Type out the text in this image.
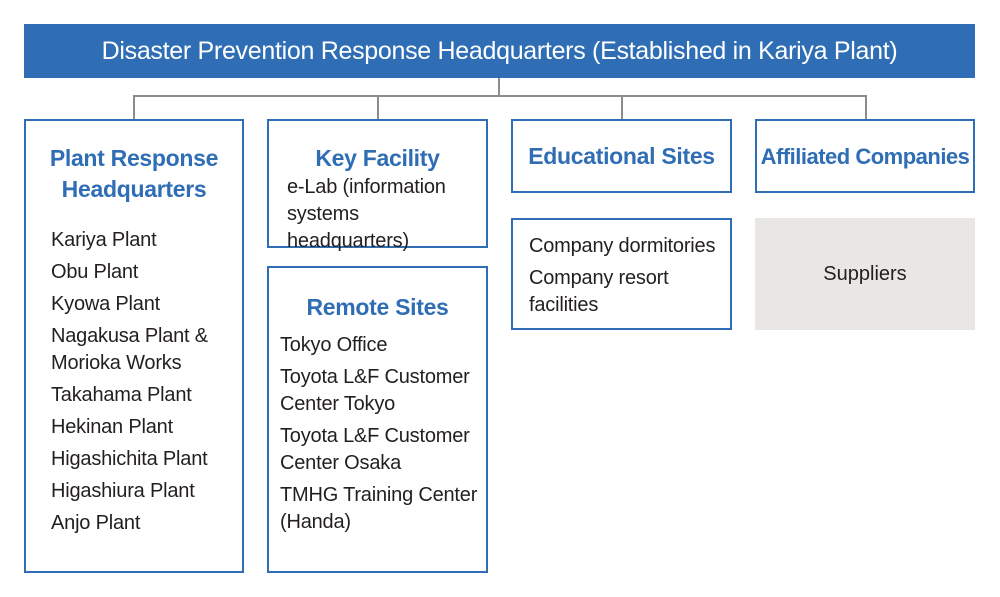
Disaster Prevention Response Headquarters (Established in Kariya Plant)
Plant Response
Headquarters
Kariya Plant
Obu Plant
Kyowa Plant
Nagakusa Plant &
Morioka Works
Takahama Plant
Hekinan Plant
Higashichita Plant
Higashiura Plant
Anjo Plant
Key Facility
e-Lab (information
systems headquarters)
Remote Sites
Tokyo Office
Toyota L&F Customer
Center Tokyo
Toyota L&F Customer
Center Osaka
TMHG Training Center
(Handa)
Educational Sites
Company dormitories
Company resort
facilities
Affiliated Companies
Suppliers
